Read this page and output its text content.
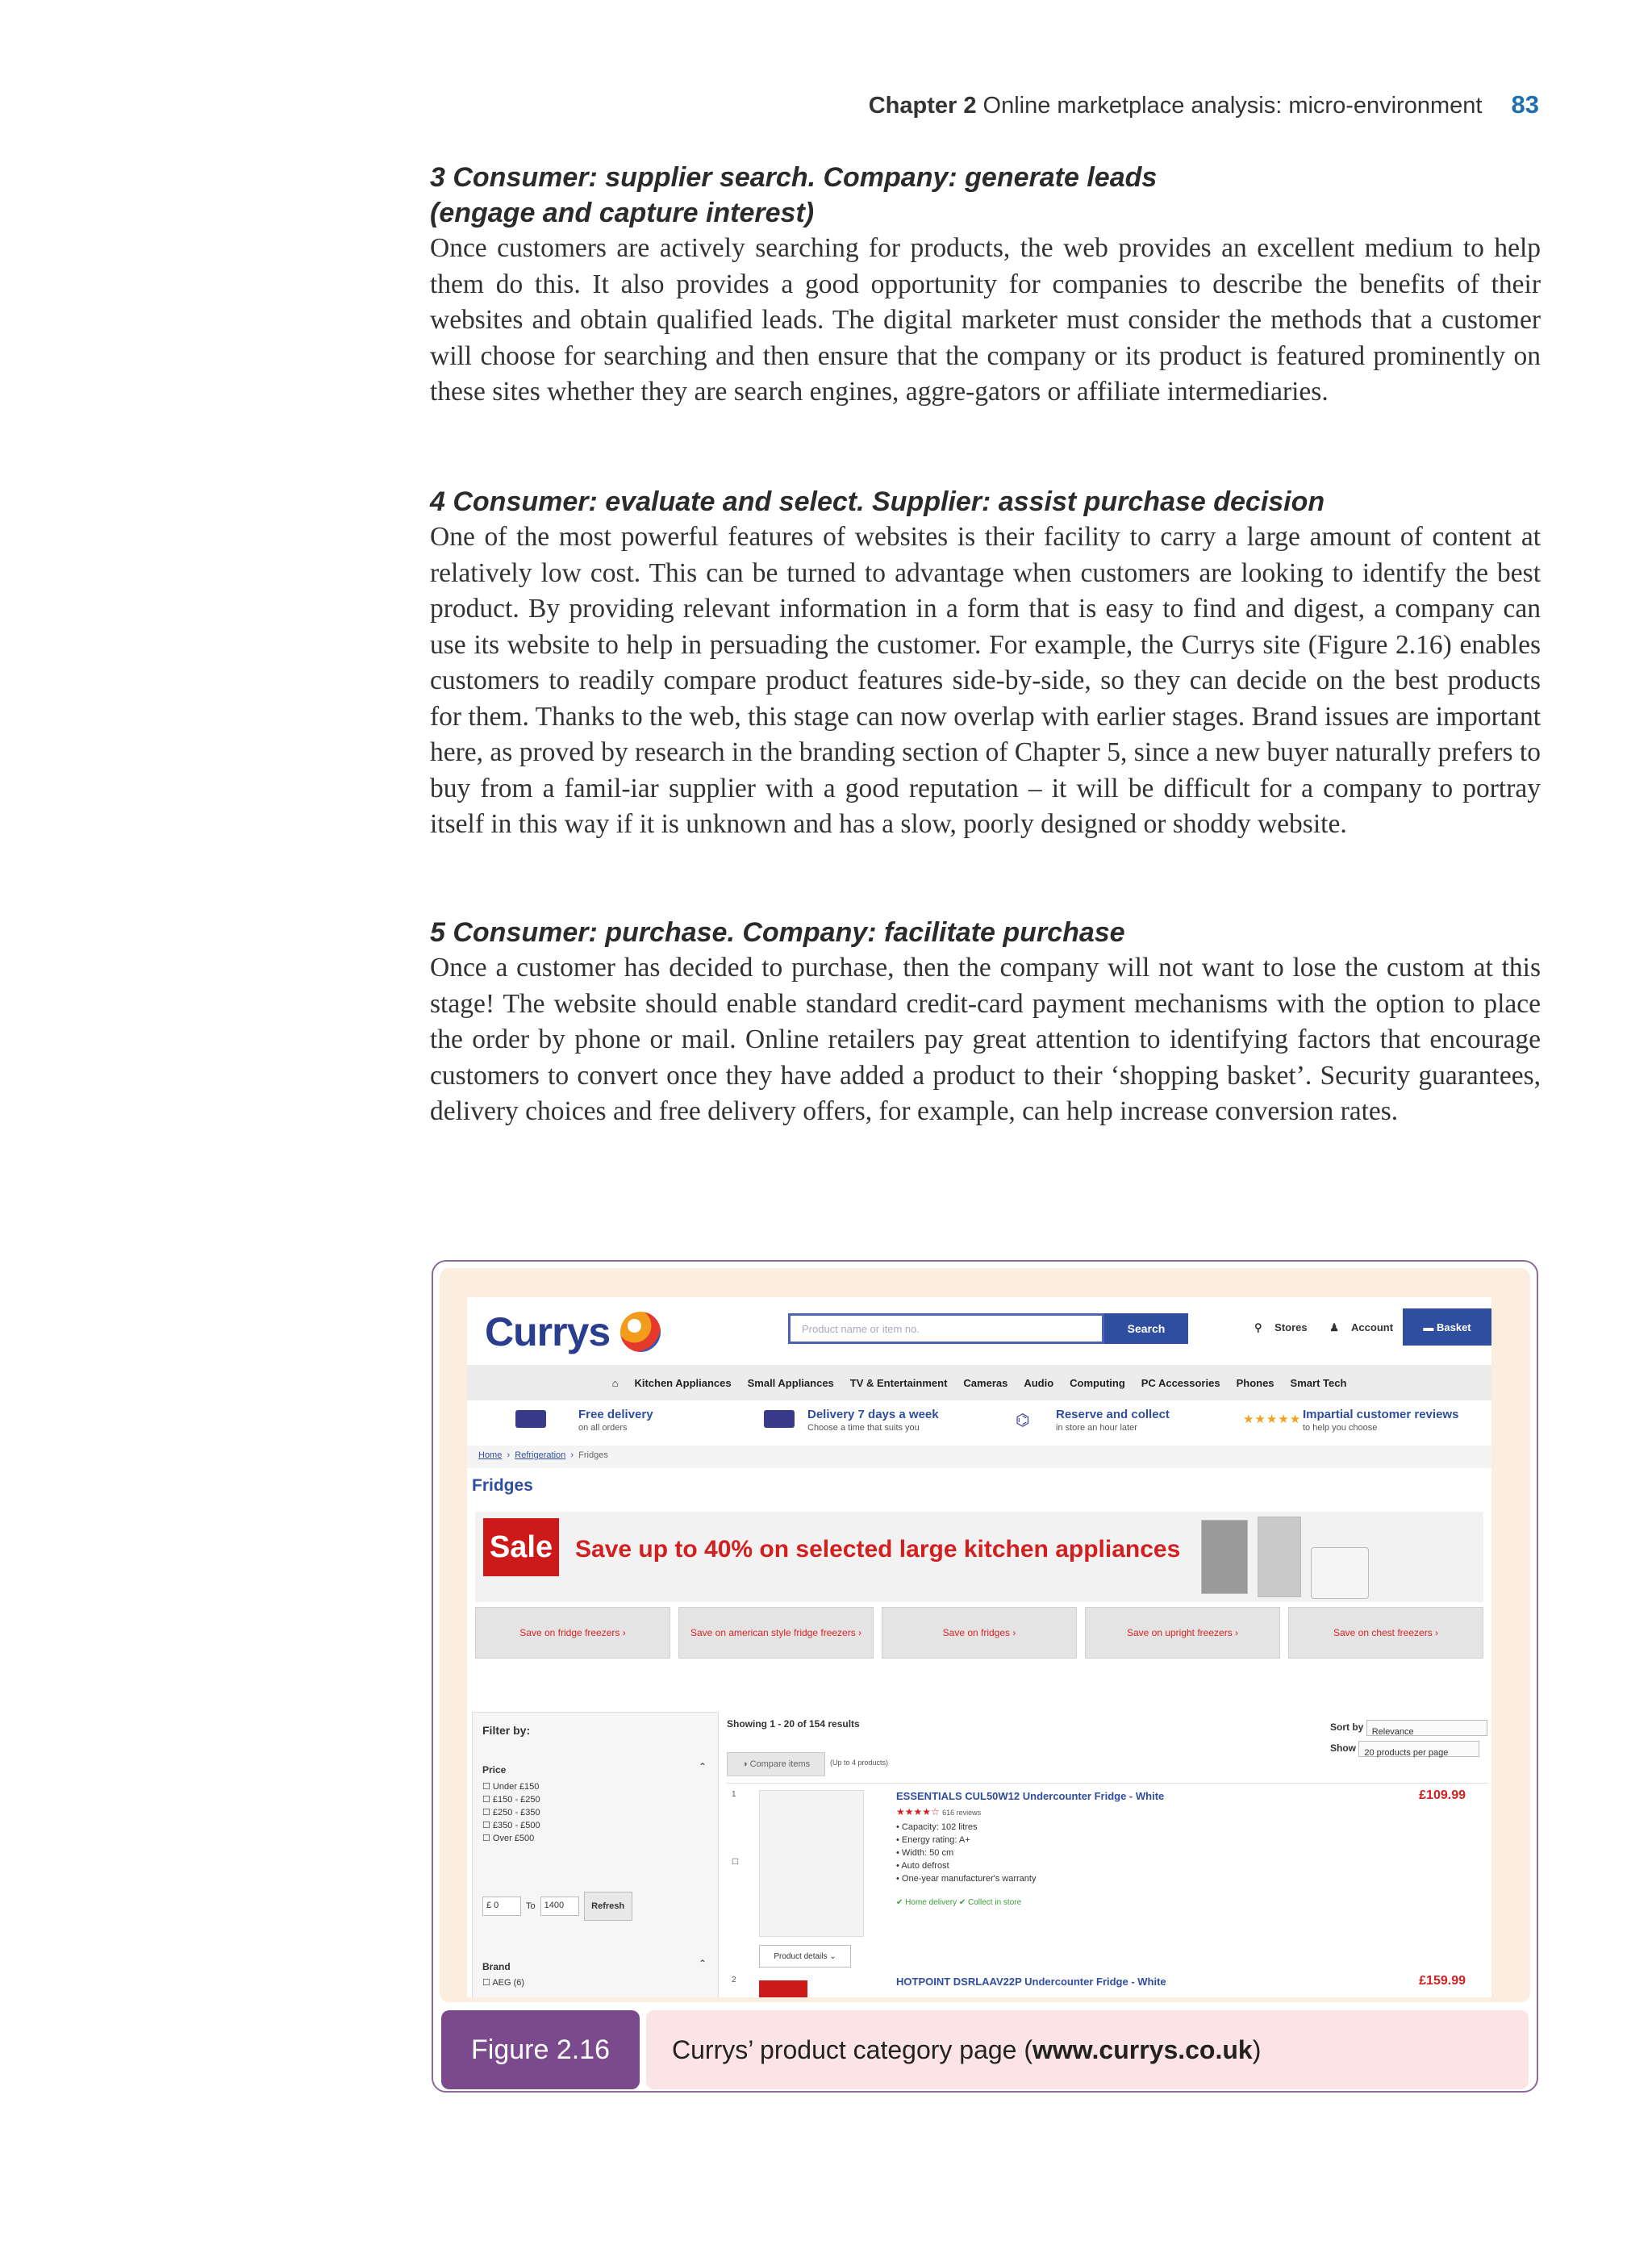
Chapter 2 Online marketplace analysis: micro-environment 83

3 Consumer: supplier search. Company: generate leads

(engage and capture interest)

Once customers are actively searching for products, the web provides an excellent medium to help them do this. It also provides a good opportunity for companies to describe the benefits of their websites and obtain qualified leads. The digital marketer must consider the methods that a customer will choose for searching and then ensure that the company or its product is featured prominently on these sites whether they are search engines, aggre-gators or affiliate intermediaries.

4 Consumer: evaluate and select. Supplier: assist purchase decision

One of the most powerful features of websites is their facility to carry a large amount of content at relatively low cost. This can be turned to advantage when customers are looking to identify the best product. By providing relevant information in a form that is easy to find and digest, a company can use its website to help in persuading the customer. For example, the Currys site (Figure 2.16) enables customers to readily compare product features side-by-side, so they can decide on the best products for them. Thanks to the web, this stage can now overlap with earlier stages. Brand issues are important here, as proved by research in the branding section of Chapter 5, since a new buyer naturally prefers to buy from a famil-iar supplier with a good reputation – it will be difficult for a company to portray itself in this way if it is unknown and has a slow, poorly designed or shoddy website.

5 Consumer: purchase. Company: facilitate purchase

Once a customer has decided to purchase, then the company will not want to lose the custom at this stage! The website should enable standard credit-card payment mechanisms with the option to place the order by phone or mail. Online retailers pay great attention to identifying factors that encourage customers to convert once they have added a product to their ‘shopping basket’. Security guarantees, delivery choices and free delivery offers, for example, can help increase conversion rates.

Currys	Product name or item no.	Search	⚲ Stores ♟ Account	▬ Basket
⌂ Kitchen Appliances Small Appliances TV & Entertainment Cameras Audio Computing PC Accessories Phones Smart Tech
Free delivery
on all orders
Delivery 7 days a week
Choose a time that suits you	⌬ Reserve and collect
in store an hour later
★★★★★ Impartial customer reviews
to help you choose
Home › Refrigeration › Fridges
Fridges
Sale Save up to 40% on selected large kitchen appliances
Save on fridge freezers ›	Save on american style fridge freezers ›	Save on fridges ›	Save on upright freezers ›	Save on chest freezers ›
Filter by:
Price	⌃
☐ Under £150
☐ £150 - £250
☐ £250 - £350
☐ £350 - £500
☐ Over £500
£ 0	To	1400	Refresh
Brand	⌃
☐ AEG (6)
Showing 1 - 20 of 154 results	Sort by Relevance
Show 20 products per page
◑ Compare items	(Up to 4 products)
1
☐
ESSENTIALS CUL50W12 Undercounter Fridge - White	£109.99
★★★★☆ 616 reviews
• Capacity: 102 litres
• Energy rating: A+
• Width: 50 cm
• Auto defrost
• One-year manufacturer's warranty
✔ Home delivery ✔ Collect in store
Product details ⌄
2	HOTPOINT DSRLAAV22P Undercounter Fridge - White	£159.99
Figure 2.16	Currys’ product category page ( www.currys.co.uk )
